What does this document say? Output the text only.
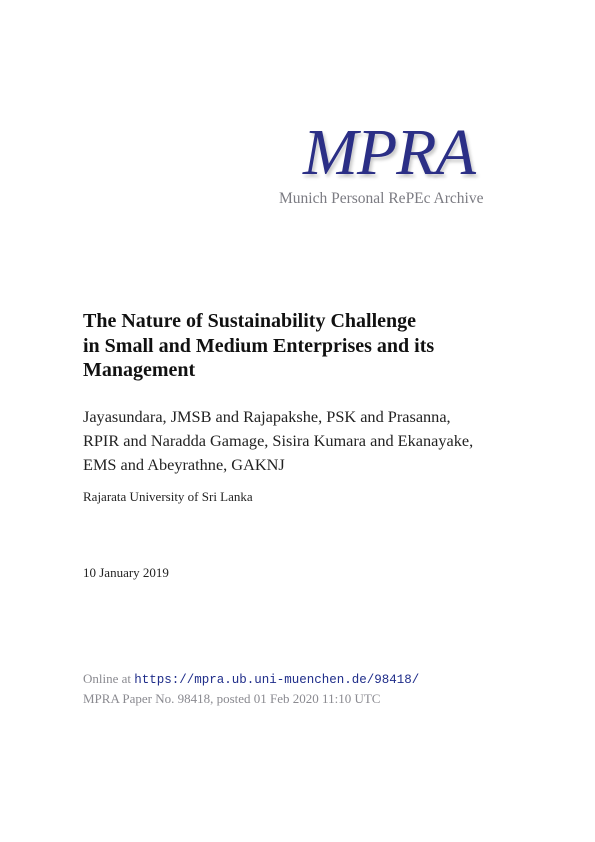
MPRA
Munich Personal RePEc Archive
The Nature of Sustainability Challenge
in Small and Medium Enterprises and its
Management

Jayasundara, JMSB and Rajapakshe, PSK and Prasanna,
RPIR and Naradda Gamage, Sisira Kumara and Ekanayake,
EMS and Abeyrathne, GAKNJ

Rajarata University of Sri Lanka
10 January 2019
Online at https://mpra.ub.uni-muenchen.de/98418/
MPRA Paper No. 98418, posted 01 Feb 2020 11:10 UTC
